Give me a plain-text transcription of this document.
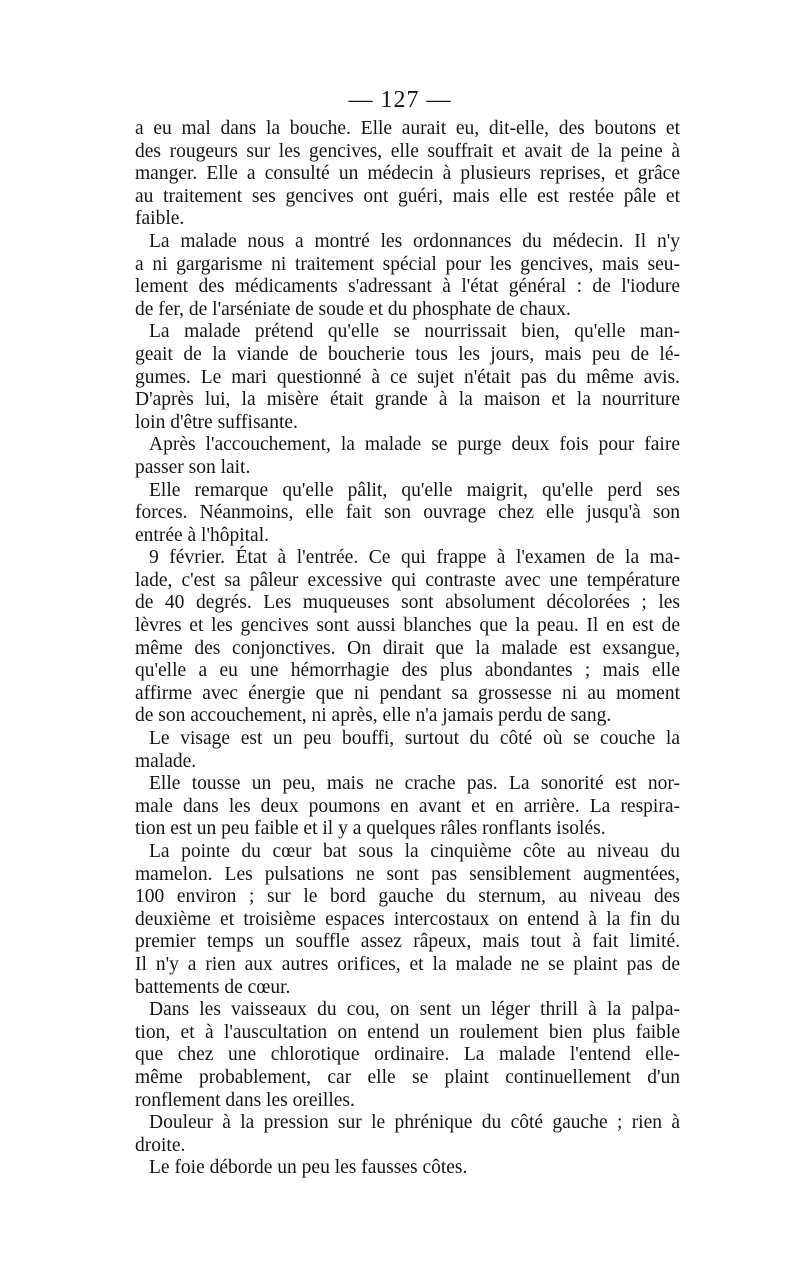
— 127 —
a eu mal dans la bouche. Elle aurait eu, dit-elle, des boutons et
des rougeurs sur les gencives, elle souffrait et avait de la peine à
manger. Elle a consulté un médecin à plusieurs reprises, et grâce
au traitement ses gencives ont guéri, mais elle est restée pâle et
faible.
La malade nous a montré les ordonnances du médecin. Il n'y
a ni gargarisme ni traitement spécial pour les gencives, mais seu-
lement des médicaments s'adressant à l'état général : de l'iodure
de fer, de l'arséniate de soude et du phosphate de chaux.
La malade prétend qu'elle se nourrissait bien, qu'elle man-
geait de la viande de boucherie tous les jours, mais peu de lé-
gumes. Le mari questionné à ce sujet n'était pas du même avis.
D'après lui, la misère était grande à la maison et la nourriture
loin d'être suffisante.
Après l'accouchement, la malade se purge deux fois pour faire
passer son lait.
Elle remarque qu'elle pâlit, qu'elle maigrit, qu'elle perd ses
forces. Néanmoins, elle fait son ouvrage chez elle jusqu'à son
entrée à l'hôpital.
9 février. État à l'entrée. Ce qui frappe à l'examen de la ma-
lade, c'est sa pâleur excessive qui contraste avec une température
de 40 degrés. Les muqueuses sont absolument décolorées ; les
lèvres et les gencives sont aussi blanches que la peau. Il en est de
même des conjonctives. On dirait que la malade est exsangue,
qu'elle a eu une hémorrhagie des plus abondantes ; mais elle
affirme avec énergie que ni pendant sa grossesse ni au moment
de son accouchement, ni après, elle n'a jamais perdu de sang.
Le visage est un peu bouffi, surtout du côté où se couche la
malade.
Elle tousse un peu, mais ne crache pas. La sonorité est nor-
male dans les deux poumons en avant et en arrière. La respira-
tion est un peu faible et il y a quelques râles ronflants isolés.
La pointe du cœur bat sous la cinquième côte au niveau du
mamelon. Les pulsations ne sont pas sensiblement augmentées,
100 environ ; sur le bord gauche du sternum, au niveau des
deuxième et troisième espaces intercostaux on entend à la fin du
premier temps un souffle assez râpeux, mais tout à fait limité.
Il n'y a rien aux autres orifices, et la malade ne se plaint pas de
battements de cœur.
Dans les vaisseaux du cou, on sent un léger thrill à la palpa-
tion, et à l'auscultation on entend un roulement bien plus faible
que chez une chlorotique ordinaire. La malade l'entend elle-
même probablement, car elle se plaint continuellement d'un
ronflement dans les oreilles.
Douleur à la pression sur le phrénique du côté gauche ; rien à
droite.
Le foie déborde un peu les fausses côtes.
